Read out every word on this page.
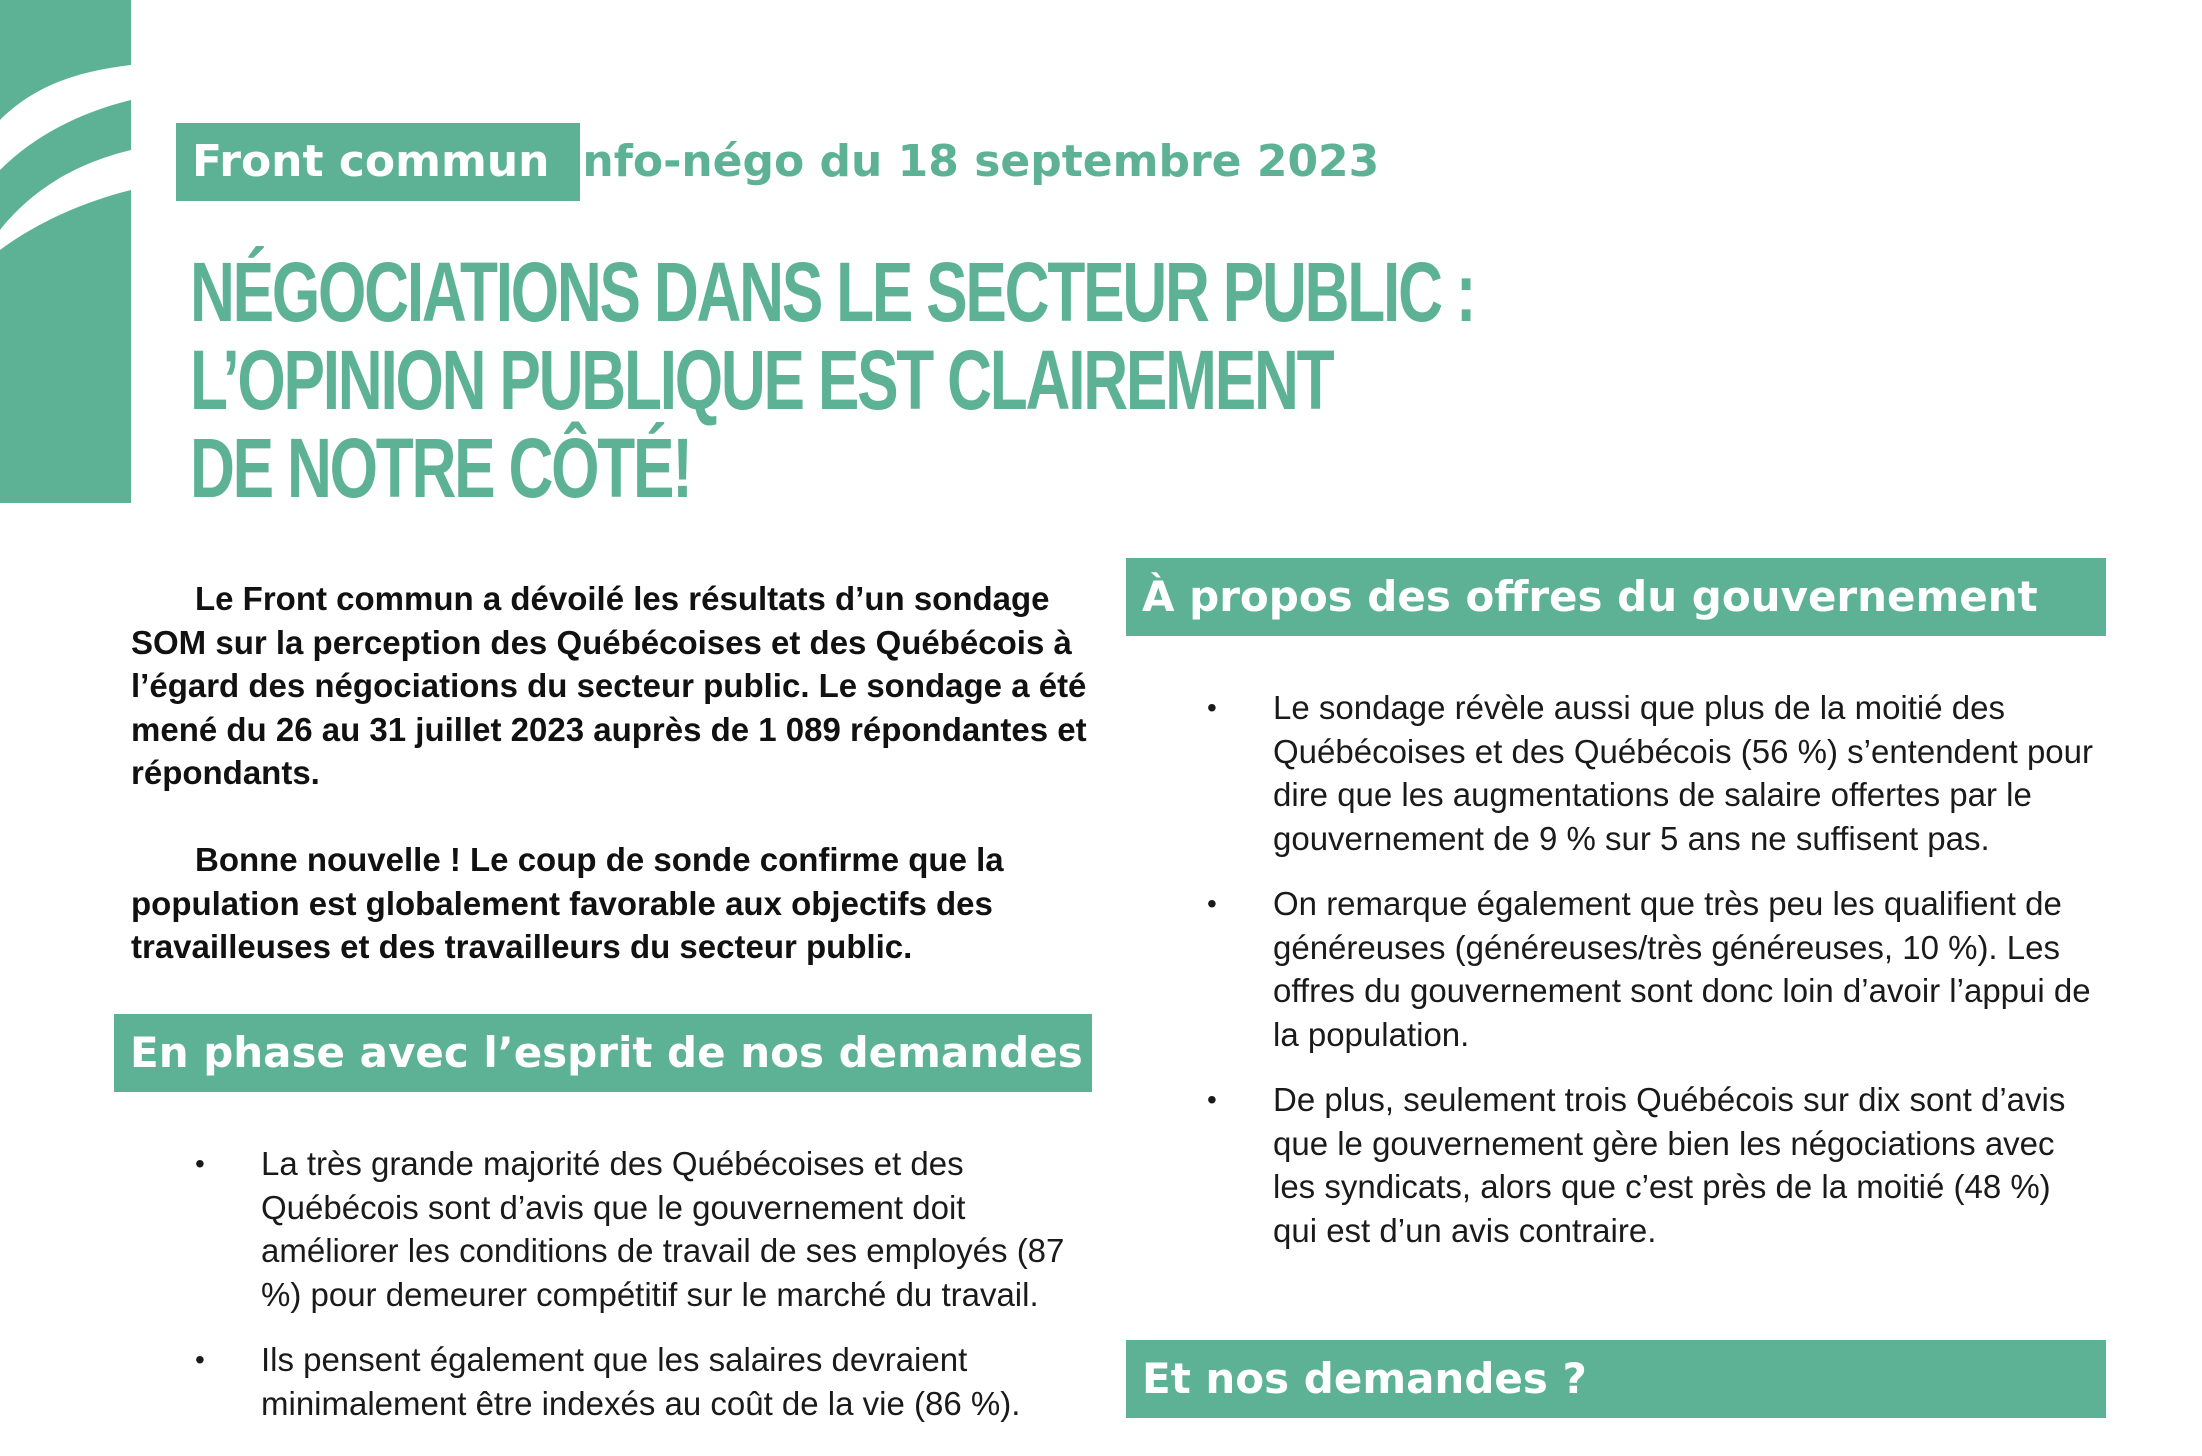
Front commun Info-négo du 18 septembre 2023
NÉGOCIATIONS DANS LE SECTEUR PUBLIC :
L’OPINION PUBLIQUE EST CLAIREMENT
DE NOTRE CÔTÉ!

Le Front commun a dévoilé les résultats d’un sondage SOM sur la perception des Québécoises et des Québécois à l’égard des négociations du secteur public. Le sondage a été mené du 26 au 31 juillet 2023 auprès de 1 089 répondantes et répondants.

Bonne nouvelle ! Le coup de sonde confirme que la population est globalement favorable aux objectifs des travailleuses et des travailleurs du secteur public.

En phase avec l’esprit de nos demandes
• La très grande majorité des Québécoises et des Québécois sont d’avis que le gouvernement doit améliorer les conditions de travail de ses employés (87 %) pour demeurer compétitif sur le marché du travail.
• Ils pensent également que les salaires devraient minimalement être indexés au coût de la vie (86 %).
À propos des offres du gouvernement
• Le sondage révèle aussi que plus de la moitié des Québécoises et des Québécois (56 %) s’entendent pour dire que les augmentations de salaire offertes par le gouvernement de 9 % sur 5 ans ne suffisent pas.
• On remarque également que très peu les qualifient de généreuses (généreuses/très généreuses, 10 %). Les offres du gouvernement sont donc loin d’avoir l’appui de la population.
• De plus, seulement trois Québécois sur dix sont d’avis que le gouvernement gère bien les négociations avec les syndicats, alors que c’est près de la moitié (48 %) qui est d’un avis contraire.
Et nos demandes ?
